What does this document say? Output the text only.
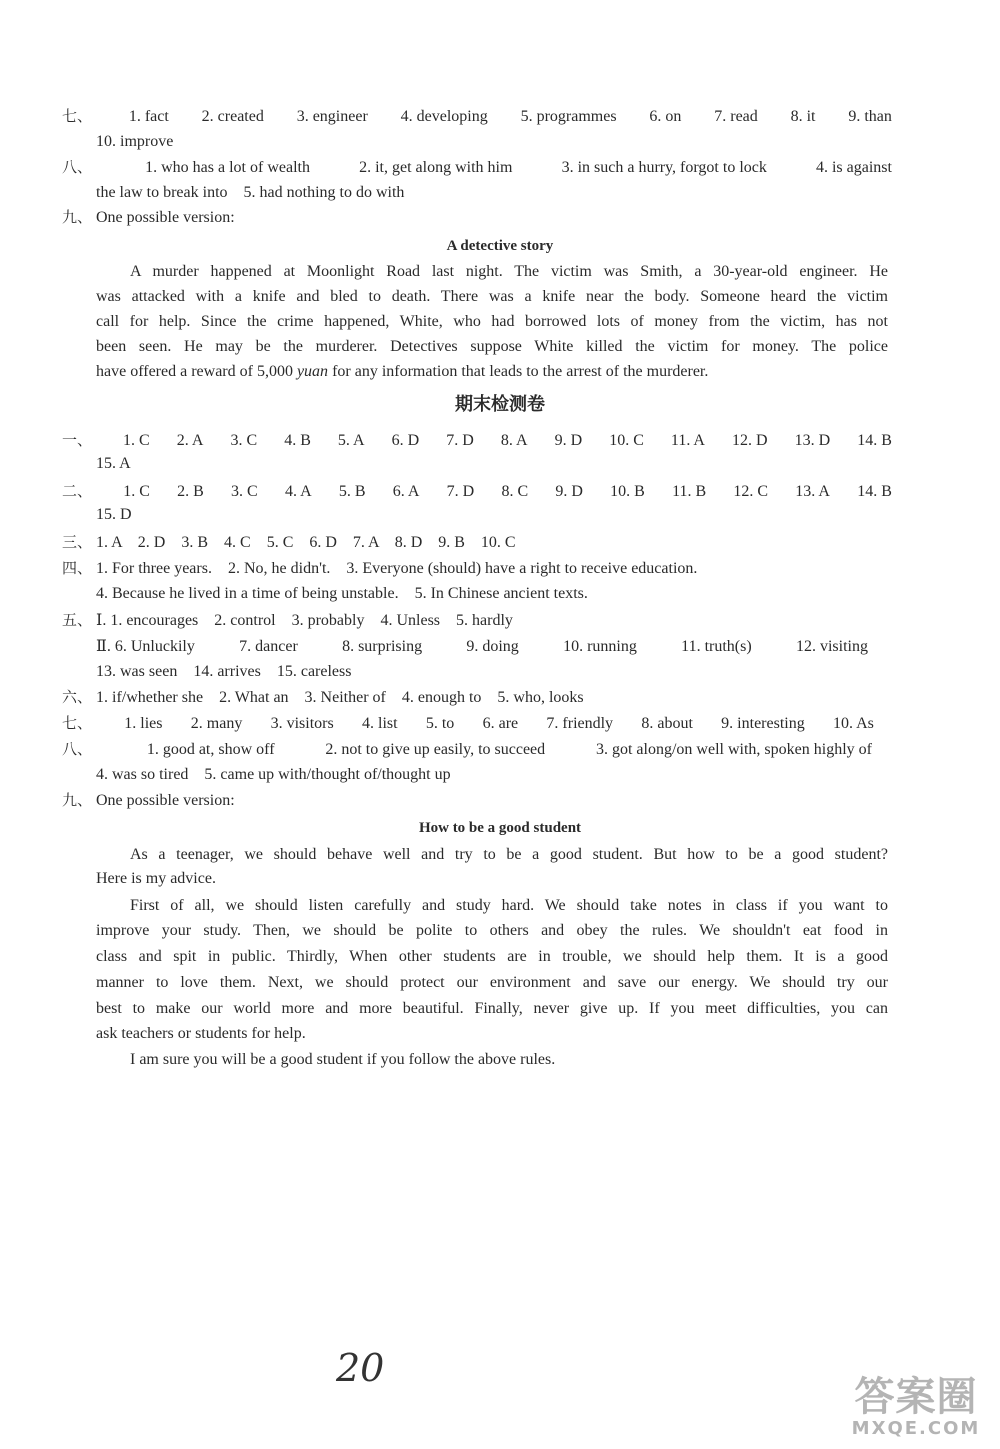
七、 1. fact 2. created 3. engineer 4. developing 5. programmes 6. on 7. read 8. it 9. than
10. improve
八、	1. who has a lot of wealth	2. it, get along with him	3. in such a hurry, forgot to lock	4. is against
the law to break into　5. had nothing to do with
九、 One possible version:
A detective story
A murder happened at Moonlight Road last night. The victim was Smith, a 30-year-old engineer. He
was attacked with a knife and bled to death. There was a knife near the body. Someone heard the victim
call for help. Since the crime happened, White, who had borrowed lots of money from the victim, has not
been seen. He may be the murderer. Detectives suppose White killed the victim for money. The police
have offered a reward of 5,000 yuan for any information that leads to the arrest of the murderer.
期末检测卷
一、 1. C 2. A 3. C 4. B 5. A 6. D 7. D 8. A 9. D 10. C 11. A 12. D 13. D 14. B
15. A
二、 1. C 2. B 3. C 4. A 5. B 6. A 7. D 8. C 9. D 10. B 11. B 12. C 13. A 14. B
15. D
三、 1. A　2. D　3. B　4. C　5. C　6. D　7. A　8. D　9. B　10. C
四、 1. For three years. 2. No, he didn't. 3. Everyone (should) have a right to receive education.
4. Because he lived in a time of being unstable.　5. In Chinese ancient texts.
五、 Ⅰ. 1. encourages　2. control　3. probably　4. Unless　5. hardly
Ⅱ. 6. Unluckily	7. dancer	8. surprising	9. doing	10. running	11. truth(s)	12. visiting
13. was seen　14. arrives　15. careless
六、 1. if/whether she　2. What an　3. Neither of　4. enough to　5. who, looks
七、 1. lies 2. many 3. visitors 4. list 5. to 6. are 7. friendly 8. about 9. interesting 10. As
八、	1. good at, show off	2. not to give up easily, to succeed	3. got along/on well with, spoken highly of
4. was so tired　5. came up with/thought of/thought up
九、 One possible version:
How to be a good student
As a teenager, we should behave well and try to be a good student. But how to be a good student?
Here is my advice.
First of all, we should listen carefully and study hard. We should take notes in class if you want to
improve your study. Then, we should be polite to others and obey the rules. We shouldn't eat food in
class and spit in public. Thirdly, When other students are in trouble, we should help them. It is a good
manner to love them. Next, we should protect our environment and save our energy. We should try our
best to make our world more and more beautiful. Finally, never give up. If you meet difficulties, you can
ask teachers or students for help.
I am sure you will be a good student if you follow the above rules.
20
答案圈
MXQE.COM
